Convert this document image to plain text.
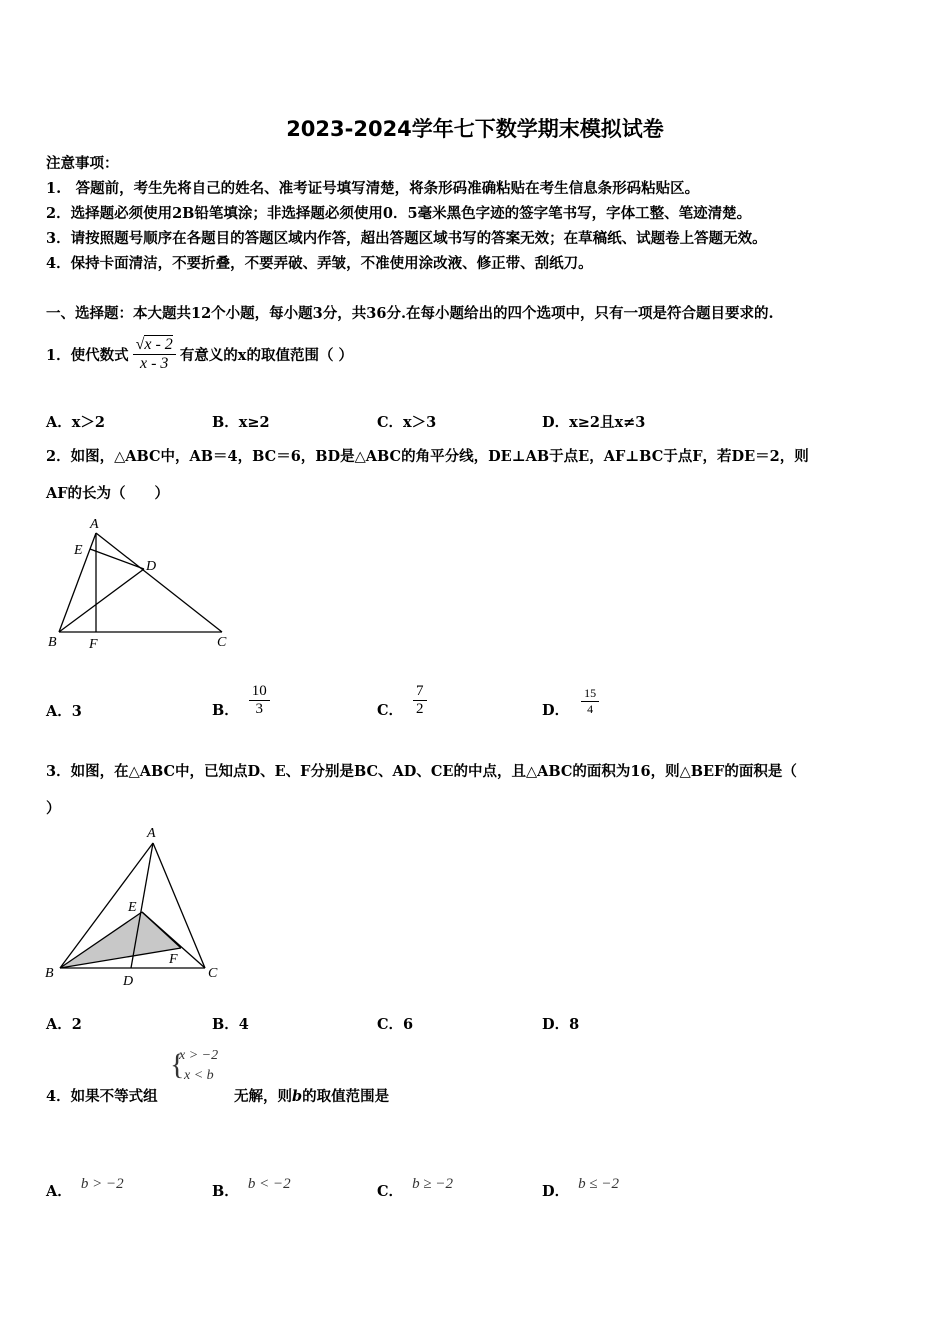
2023-2024学年七下数学期末模拟试卷
注意事项：
1.　答题前，考生先将自己的姓名、准考证号填写清楚，将条形码准确粘贴在考生信息条形码粘贴区。
2．选择题必须使用2B铅笔填涂；非选择题必须使用0．5毫米黑色字迹的签字笔书写，字体工整、笔迹清楚。
3．请按照题号顺序在各题目的答题区域内作答，超出答题区域书写的答案无效；在草稿纸、试题卷上答题无效。
4．保持卡面清洁，不要折叠，不要弄破、弄皱，不准使用涂改液、修正带、刮纸刀。
一、选择题：本大题共12个小题，每小题3分，共36分.在每小题给出的四个选项中，只有一项是符合题目要求的.
1．使代数式 $\frac{√x - 2}{x - 3}$ 有意义的x的取值范围（ ）
A．x＞2	B．x≥2	C．x＞3	D．x≥2且x≠3
2．如图，△ABC中，AB＝4，BC＝6，BD是△ABC的角平分线，DE⊥AB于点E，AF⊥BC于点F，若DE＝2，则
AF的长为（　　）
A
E
D
B F	C
A．3	B． $\frac{10}{3}$	C． $\frac{7}{2}$	D． $\frac{15}{4}$
3．如图，在△ABC中，已知点D、E、F分别是BC、AD、CE的中点，且△ABC的面积为16，则△BEF的面积是（
）
A
E
F
B
D
C
A．2	B．4	C．6	D．8
4．如果不等式组
{
x > −2
x < b
无解，则b的取值范围是
A． b > −2	B． b < −2	C． b ≥ −2	D． b ≤ −2
